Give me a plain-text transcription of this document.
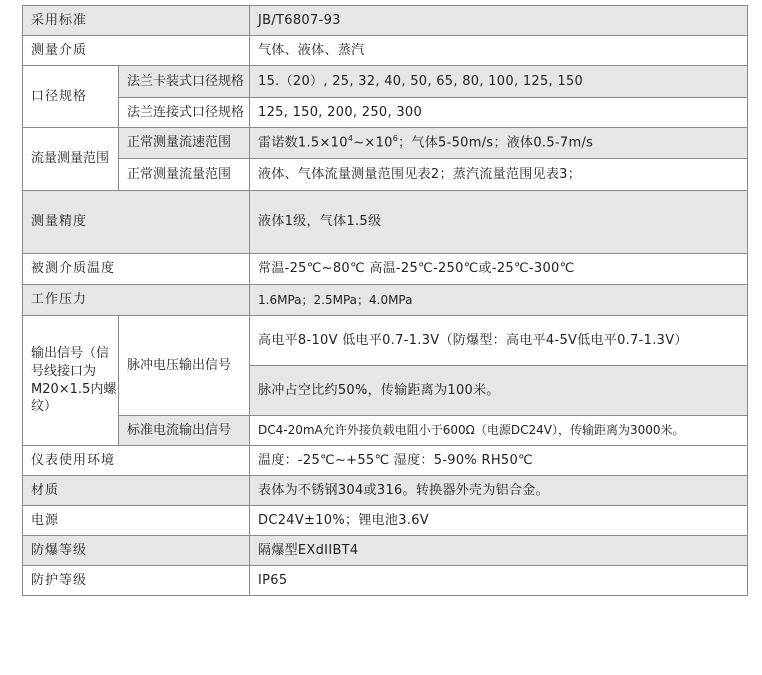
采用标准		JB/T6807-93
测量介质		气体、液体、蒸汽
口径规格	法兰卡装式口径规格	15.（20）, 25, 32, 40, 50, 65, 80, 100, 125, 150
	法兰连接式口径规格	125, 150, 200, 250, 300
流量测量范围	正常测量流速范围	雷诺数$1.5\times 10^4\sim\times 10^6$；气体5-50m/s；液体0.5-7m/s
	正常测量流量范围	液体、气体流量测量范围见表2；蒸汽流量范围见表3；
测量精度		液体1级，气体1.5级
被测介质温度		常温-25℃~80℃ 高温-25℃-250℃或-25℃-300℃
工作压力		1.6MPa；2.5MPa；4.0MPa
输出信号（信号线接口为M20×1.5内螺纹）	脉冲电压输出信号	高电平8-10V 低电平0.7-1.3V（防爆型：高电平4-5V低电平0.7-1.3V）
		脉冲占空比约50%，传输距离为100米。
	标准电流输出信号	DC4-20mA允许外接负载电阻小于600Ω（电源DC24V），传输距离为3000米。
仪表使用环境		温度：-25℃~+55℃ 湿度：5-90% RH50℃
材质		表体为不锈钢304或316。转换器外壳为铝合金。
电源		DC24V±10%；锂电池3.6V
防爆等级		隔爆型EXdIIBT4
防护等级		IP65
